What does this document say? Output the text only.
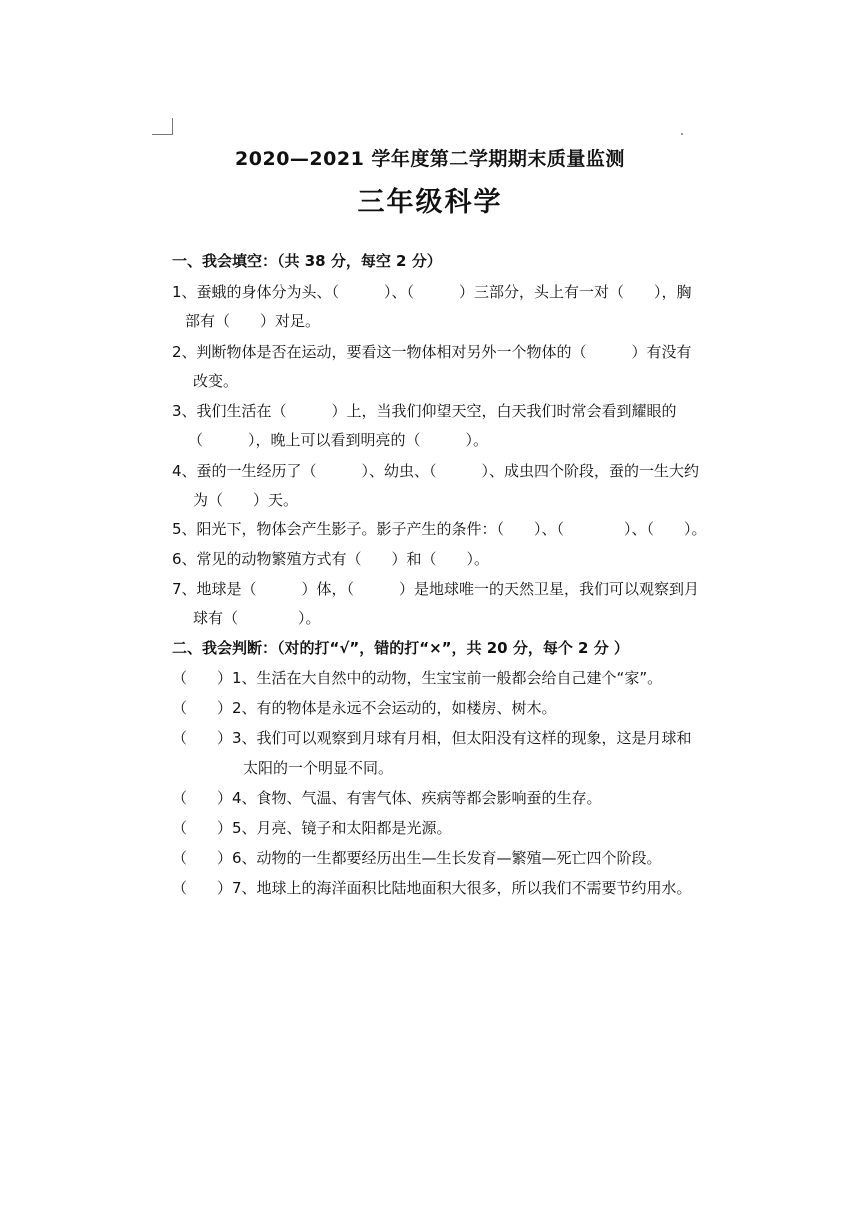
2020—2021 学年度第二学期期末质量监测
三年级科学
一、我会填空：（共 38 分，每空 2 分）
1、蚕蛾的身体分为头、（　　　）、（　　　）三部分，头上有一对（　　），胸
部有（　　）对足。
2、判断物体是否在运动，要看这一物体相对另外一个物体的（　　　）有没有
改变。
3、我们生活在（　　　）上，当我们仰望天空，白天我们时常会看到耀眼的
（　　　），晚上可以看到明亮的（　　　）。
4、蚕的一生经历了（　　　）、幼虫、（　　　）、成虫四个阶段，蚕的一生大约
为（　　）天。
5、阳光下，物体会产生影子。影子产生的条件：（　　）、（　　　　）、（　　）。
6、常见的动物繁殖方式有（　　）和（　　）。
7、地球是（　　　）体，（　　　）是地球唯一的天然卫星，我们可以观察到月
球有（　　　　）。
二、我会判断：（对的打“√”，错的打“×”，共 20 分，每个 2 分 ）
（　　）1、生活在大自然中的动物，生宝宝前一般都会给自己建个“家”。
（　　）2、有的物体是永远不会运动的，如楼房、树木。
（　　）3、我们可以观察到月球有月相，但太阳没有这样的现象，这是月球和
太阳的一个明显不同。
（　　）4、食物、气温、有害气体、疾病等都会影响蚕的生存。
（　　）5、月亮、镜子和太阳都是光源。
（　　）6、动物的一生都要经历出生—生长发育—繁殖—死亡四个阶段。
（　　）7、地球上的海洋面积比陆地面积大很多，所以我们不需要节约用水。
